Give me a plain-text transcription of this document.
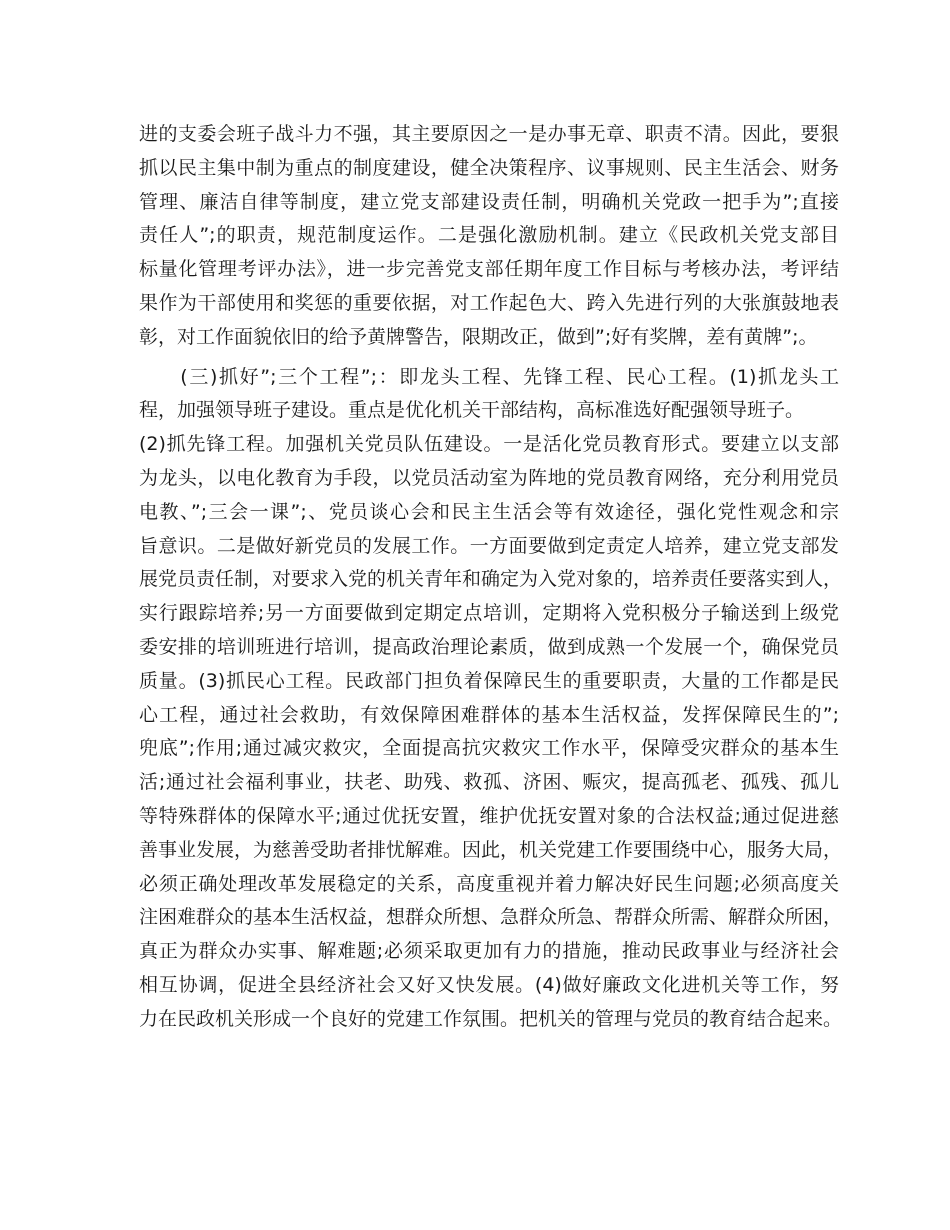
进的支委会班子战斗力不强，其主要原因之一是办事无章、职责不清。因此，要狠
抓以民主集中制为重点的制度建设，健全决策程序、议事规则、民主生活会、财务
管理、廉洁自律等制度，建立党支部建设责任制，明确机关党政一把手为”;直接
责任人”;的职责，规范制度运作。二是强化激励机制。建立《民政机关党支部目
标量化管理考评办法》，进一步完善党支部任期年度工作目标与考核办法，考评结
果作为干部使用和奖惩的重要依据，对工作起色大、跨入先进行列的大张旗鼓地表
彰，对工作面貌依旧的给予黄牌警告，限期改正，做到”;好有奖牌，差有黄牌”;。
　　(三)抓好”;三个工程”;：即龙头工程、先锋工程、民心工程。(1)抓龙头工
程，加强领导班子建设。重点是优化机关干部结构，高标准选好配强领导班子。
(2)抓先锋工程。加强机关党员队伍建设。一是活化党员教育形式。要建立以支部
为龙头，以电化教育为手段，以党员活动室为阵地的党员教育网络，充分利用党员
电教、”;三会一课”;、党员谈心会和民主生活会等有效途径，强化党性观念和宗
旨意识。二是做好新党员的发展工作。一方面要做到定责定人培养，建立党支部发
展党员责任制，对要求入党的机关青年和确定为入党对象的，培养责任要落实到人，
实行跟踪培养;另一方面要做到定期定点培训，定期将入党积极分子输送到上级党
委安排的培训班进行培训，提高政治理论素质，做到成熟一个发展一个，确保党员
质量。(3)抓民心工程。民政部门担负着保障民生的重要职责，大量的工作都是民
心工程，通过社会救助，有效保障困难群体的基本生活权益，发挥保障民生的”;
兜底”;作用;通过减灾救灾，全面提高抗灾救灾工作水平，保障受灾群众的基本生
活;通过社会福利事业，扶老、助残、救孤、济困、赈灾，提高孤老、孤残、孤儿
等特殊群体的保障水平;通过优抚安置，维护优抚安置对象的合法权益;通过促进慈
善事业发展，为慈善受助者排忧解难。因此，机关党建工作要围绕中心，服务大局，
必须正确处理改革发展稳定的关系，高度重视并着力解决好民生问题;必须高度关
注困难群众的基本生活权益，想群众所想、急群众所急、帮群众所需、解群众所困，
真正为群众办实事、解难题;必须采取更加有力的措施，推动民政事业与经济社会
相互协调，促进全县经济社会又好又快发展。(4)做好廉政文化进机关等工作，努
力在民政机关形成一个良好的党建工作氛围。把机关的管理与党员的教育结合起来。
